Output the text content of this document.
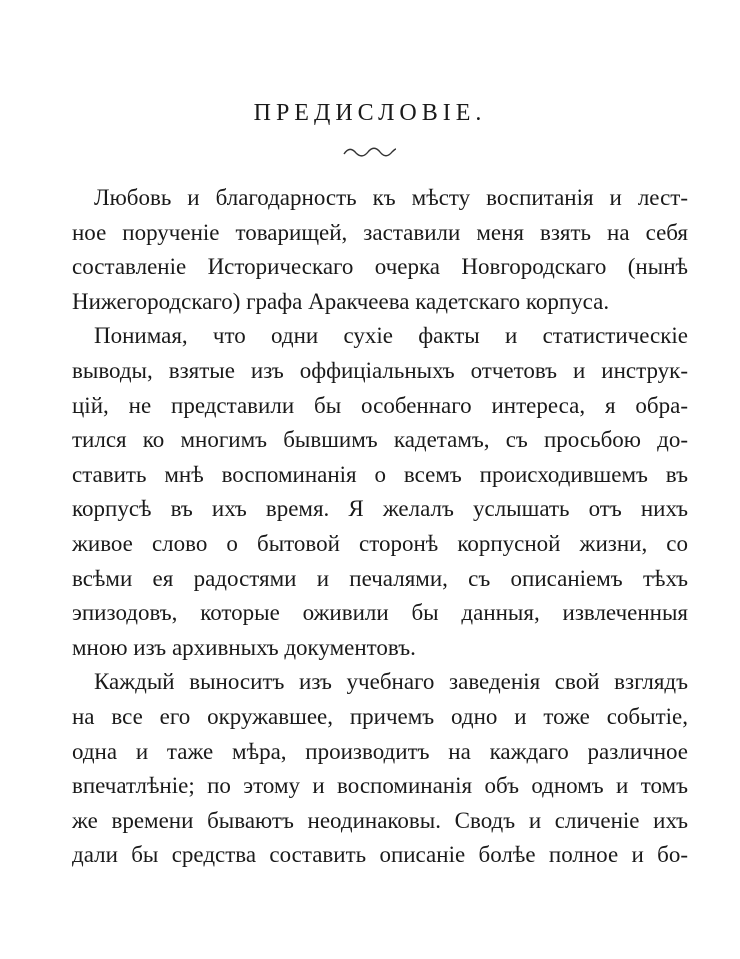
ПРЕДИСЛОВІЕ.
Любовь и благодарность къ мѣсту воспитанія и лест-
ное порученіе товарищей, заставили меня взять на себя
составленіе Историческаго очерка Новгородскаго (нынѣ
Нижегородскаго) графа Аракчеева кадетскаго корпуса.
Понимая, что одни сухіе факты и статистическіе
выводы, взятые изъ оффиціальныхъ отчетовъ и инструк-
цій, не представили бы особеннаго интереса, я обра-
тился ко многимъ бывшимъ кадетамъ, съ просьбою до-
ставить мнѣ воспоминанія о всемъ происходившемъ въ
корпусѣ въ ихъ время. Я желалъ услышать отъ нихъ
живое слово о бытовой сторонѣ корпусной жизни, со
всѣми ея радостями и печалями, съ описаніемъ тѣхъ
эпизодовъ, которые оживили бы данныя, извлеченныя
мною изъ архивныхъ документовъ.
Каждый выноситъ изъ учебнаго заведенія свой взглядъ
на все его окружавшее, причемъ одно и тоже событіе,
одна и таже мѣра, производитъ на каждаго различное
впечатлѣніе; по этому и воспоминанія объ одномъ и томъ
же времени бываютъ неодинаковы. Сводъ и сличеніе ихъ
дали бы средства составить описаніе болѣе полное и бо-
